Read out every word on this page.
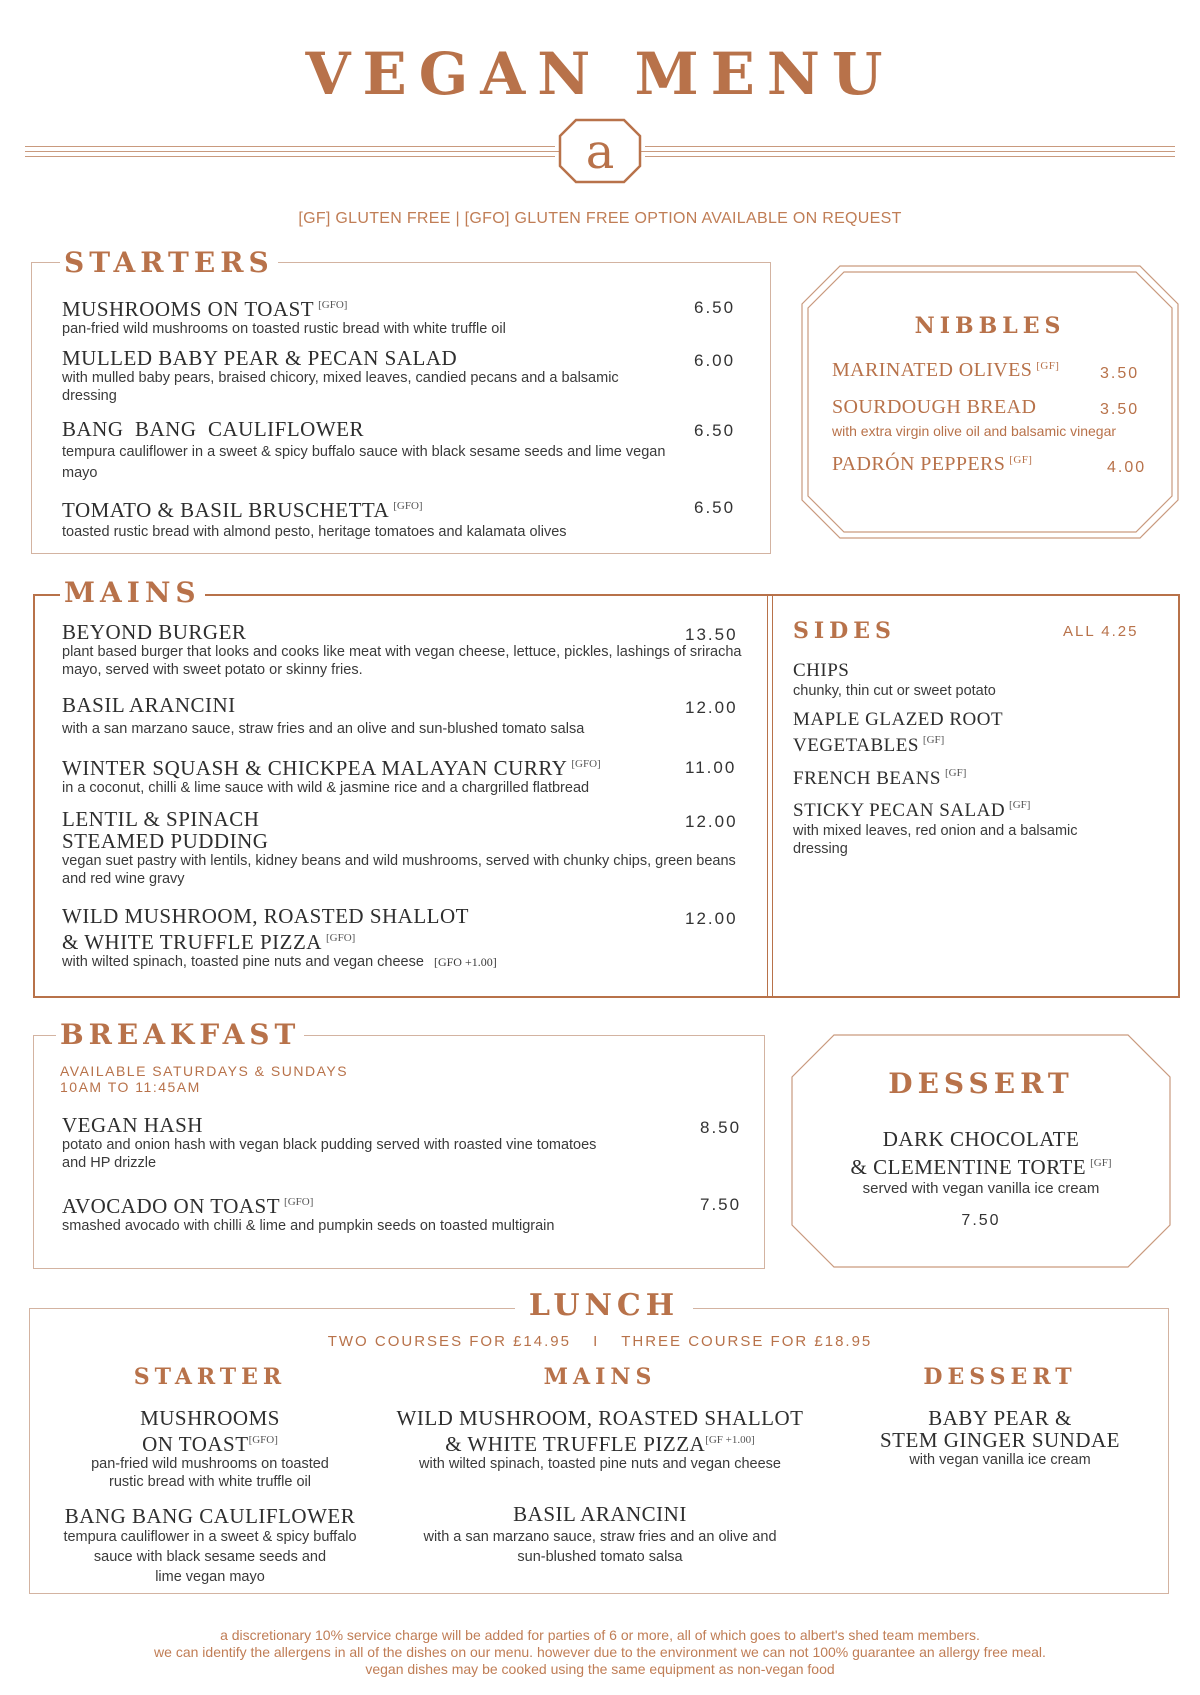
VEGAN MENU
a
[GF] GLUTEN FREE | [GFO] GLUTEN FREE OPTION AVAILABLE ON REQUEST
STARTERS
MUSHROOMS ON TOAST [GFO]
pan-fried wild mushrooms on toasted rustic bread with white truffle oil
6.50
MULLED BABY PEAR & PECAN SALAD
with mulled baby pears, braised chicory, mixed leaves, candied pecans and a balsamic dressing
6.00
BANG  BANG  CAULIFLOWER
tempura cauliflower in a sweet & spicy buffalo sauce with black sesame seeds and lime vegan mayo
6.50
TOMATO & BASIL BRUSCHETTA [GFO]
toasted rustic bread with almond pesto, heritage tomatoes and kalamata olives
6.50
NIBBLES
MARINATED OLIVES [GF]	3.50
SOURDOUGH BREAD	3.50
with extra virgin olive oil and balsamic vinegar
PADRÓN PEPPERS [GF]	4.00
MAINS
BEYOND BURGER
plant based burger that looks and cooks like meat with vegan cheese, lettuce, pickles, lashings of sriracha mayo, served with sweet potato or skinny fries.
13.50
BASIL ARANCINI
with a san marzano sauce, straw fries and an olive and sun-blushed tomato salsa
12.00
WINTER SQUASH & CHICKPEA MALAYAN CURRY [GFO]
in a coconut, chilli & lime sauce with wild & jasmine rice and a chargrilled flatbread
11.00
LENTIL & SPINACH
STEAMED PUDDING
vegan suet pastry with lentils, kidney beans and wild mushrooms, served with chunky chips, green beans and red wine gravy
12.00
WILD MUSHROOM, ROASTED SHALLOT
& WHITE TRUFFLE PIZZA [GFO]
with wilted spinach, toasted pine nuts and vegan cheese [GFO +1.00]
12.00
SIDES	ALL 4.25
CHIPS
chunky, thin cut or sweet potato
MAPLE GLAZED ROOT
VEGETABLES [GF]
FRENCH BEANS [GF]
STICKY PECAN SALAD [GF]
with mixed leaves, red onion and a balsamic dressing
BREAKFAST
AVAILABLE SATURDAYS & SUNDAYS
10AM TO 11:45AM
VEGAN HASH
potato and onion hash with vegan black pudding served with roasted vine tomatoes and HP drizzle
8.50
AVOCADO ON TOAST [GFO]
smashed avocado with chilli & lime and pumpkin seeds on toasted multigrain
7.50
DESSERT
DARK CHOCOLATE
& CLEMENTINE TORTE [GF]
served with vegan vanilla ice cream
7.50
LUNCH
TWO COURSES FOR £14.95 I THREE COURSE FOR £18.95
STARTER
MUSHROOMS
ON TOAST[GFO]
pan-fried wild mushrooms on toasted
rustic bread with white truffle oil
BANG BANG CAULIFLOWER
tempura cauliflower in a sweet & spicy buffalo
sauce with black sesame seeds and
lime vegan mayo
MAINS
WILD MUSHROOM, ROASTED SHALLOT
& WHITE TRUFFLE PIZZA[GF +1.00]
with wilted spinach, toasted pine nuts and vegan cheese
BASIL ARANCINI
with a san marzano sauce, straw fries and an olive and
sun-blushed tomato salsa
DESSERT
BABY PEAR &
STEM GINGER SUNDAE
with vegan vanilla ice cream
a discretionary 10% service charge will be added for parties of 6 or more, all of which goes to albert's shed team members.
we can identify the allergens in all of the dishes on our menu. however due to the environment we can not 100% guarantee an allergy free meal.
vegan dishes may be cooked using the same equipment as non-vegan food
